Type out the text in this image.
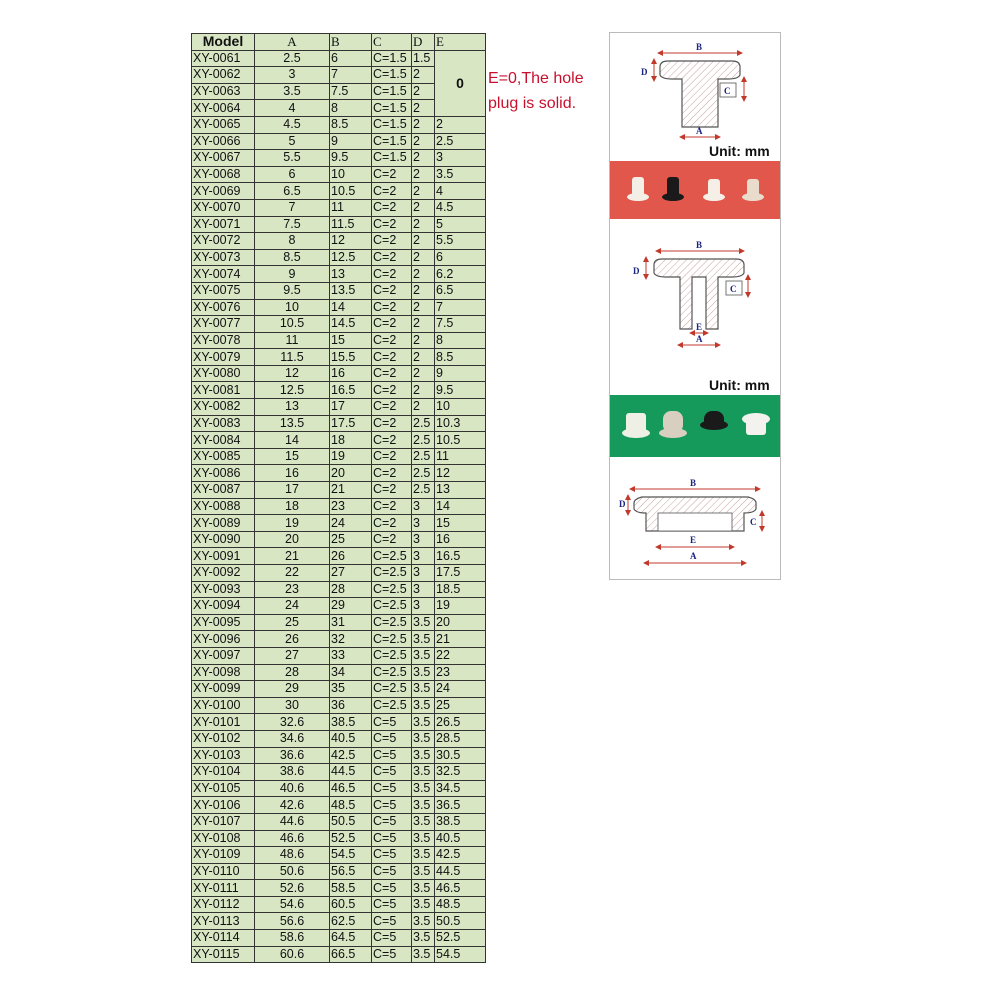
Model	A	B	C	D	E
XY-0061	2.5	6	C=1.5	1.5	0
XY-0062	3	7	C=1.5	2	
XY-0063	3.5	7.5	C=1.5	2	
XY-0064	4	8	C=1.5	2	
XY-0065	4.5	8.5	C=1.5	2	2
XY-0066	5	9	C=1.5	2	2.5
XY-0067	5.5	9.5	C=1.5	2	3
XY-0068	6	10	C=2	2	3.5
XY-0069	6.5	10.5	C=2	2	4
XY-0070	7	11	C=2	2	4.5
XY-0071	7.5	11.5	C=2	2	5
XY-0072	8	12	C=2	2	5.5
XY-0073	8.5	12.5	C=2	2	6
XY-0074	9	13	C=2	2	6.2
XY-0075	9.5	13.5	C=2	2	6.5
XY-0076	10	14	C=2	2	7
XY-0077	10.5	14.5	C=2	2	7.5
XY-0078	11	15	C=2	2	8
XY-0079	11.5	15.5	C=2	2	8.5
XY-0080	12	16	C=2	2	9
XY-0081	12.5	16.5	C=2	2	9.5
XY-0082	13	17	C=2	2	10
XY-0083	13.5	17.5	C=2	2.5	10.3
XY-0084	14	18	C=2	2.5	10.5
XY-0085	15	19	C=2	2.5	11
XY-0086	16	20	C=2	2.5	12
XY-0087	17	21	C=2	2.5	13
XY-0088	18	23	C=2	3	14
XY-0089	19	24	C=2	3	15
XY-0090	20	25	C=2	3	16
XY-0091	21	26	C=2.5	3	16.5
XY-0092	22	27	C=2.5	3	17.5
XY-0093	23	28	C=2.5	3	18.5
XY-0094	24	29	C=2.5	3	19
XY-0095	25	31	C=2.5	3.5	20
XY-0096	26	32	C=2.5	3.5	21
XY-0097	27	33	C=2.5	3.5	22
XY-0098	28	34	C=2.5	3.5	23
XY-0099	29	35	C=2.5	3.5	24
XY-0100	30	36	C=2.5	3.5	25
XY-0101	32.6	38.5	C=5	3.5	26.5
XY-0102	34.6	40.5	C=5	3.5	28.5
XY-0103	36.6	42.5	C=5	3.5	30.5
XY-0104	38.6	44.5	C=5	3.5	32.5
XY-0105	40.6	46.5	C=5	3.5	34.5
XY-0106	42.6	48.5	C=5	3.5	36.5
XY-0107	44.6	50.5	C=5	3.5	38.5
XY-0108	46.6	52.5	C=5	3.5	40.5
XY-0109	48.6	54.5	C=5	3.5	42.5
XY-0110	50.6	56.5	C=5	3.5	44.5
XY-0111	52.6	58.5	C=5	3.5	46.5
XY-0112	54.6	60.5	C=5	3.5	48.5
XY-0113	56.6	62.5	C=5	3.5	50.5
XY-0114	58.6	64.5	C=5	3.5	52.5
XY-0115	60.6	66.5	C=5	3.5	54.5
E=0,The hole
plug is solid.
B
D
C
A
Unit: mm
B
D
C
E
A
Unit: mm
B
D
C
E
A
